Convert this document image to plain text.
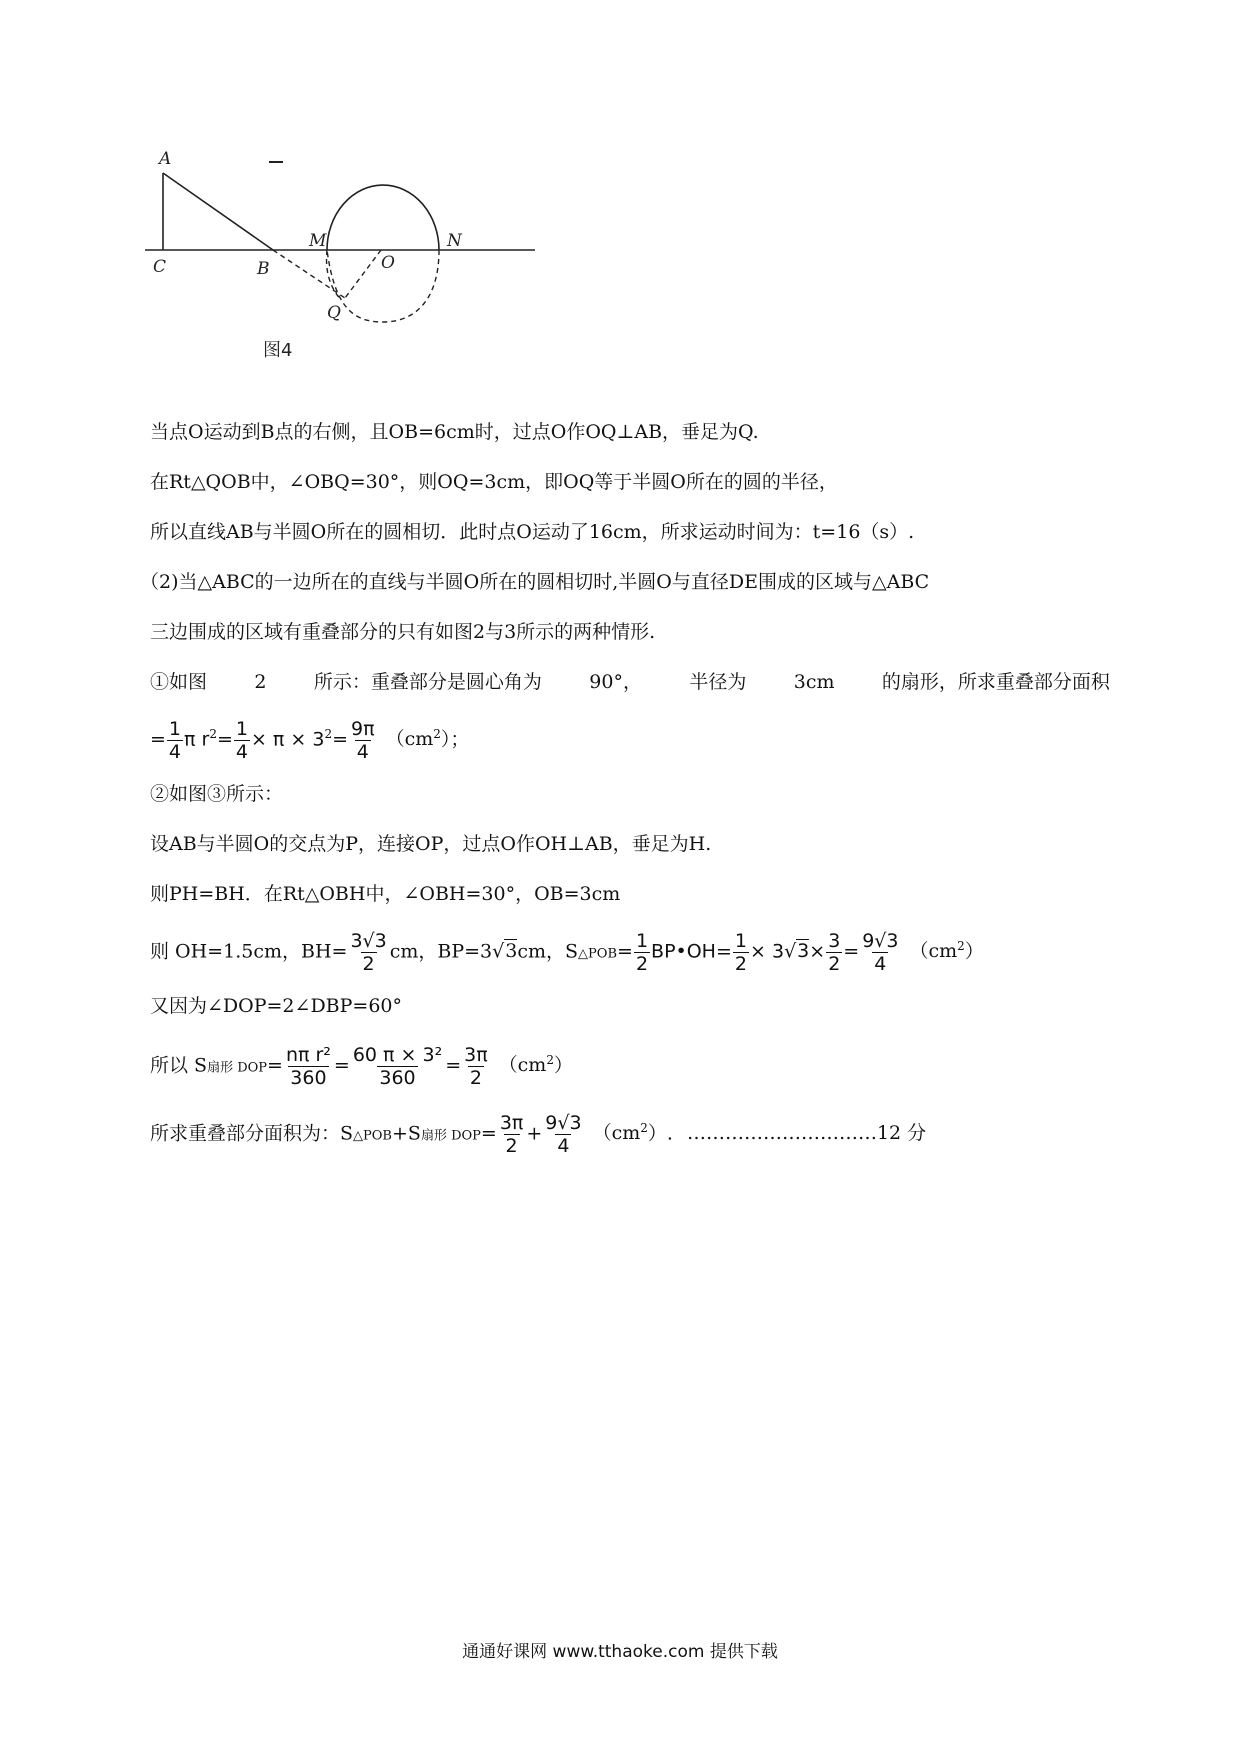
A
C	B
M
O
N
Q
图4
当点O运动到B点的右侧，且OB=6cm时，过点O作OQ⊥AB，垂足为Q.
在Rt△QOB中，∠OBQ=30°，则OQ=3cm，即OQ等于半圆O所在的圆的半径，
所以直线AB与半圆O所在的圆相切．此时点O运动了16cm，所求运动时间为：t=16（s）.
（2)当△ABC的一边所在的直线与半圆O所在的圆相切时,半圆O与直径DE围成的区域与△ABC
三边围成的区域有重叠部分的只有如图2与3所示的两种情形.
①如图 2 所示：重叠部分是圆心角为 90°， 半径为 3cm 的扇形，所求重叠部分面积
= $\frac{1}{4}$ π $r^2= \frac{1}{4} \times \pi \times 3^2= \frac{9\pi}{4} (cm^2)$；
②如图③所示：
设AB与半圆O的交点为P，连接OP，过点O作OH⊥AB，垂足为H.
则PH=BH．在Rt△OBH中，∠OBH=30°，OB=3cm
则 OH=1.5cm，$BH= \frac{3√3}{2}$ cm，BP=3√3cm，S△POB= $\frac{1}{2}$ BP•OH= $\frac{1}{2} \times 3√3\times \frac{3}{2} = \frac{9√3}{4} (cm^2)$
又因为∠DOP=2∠DBP=60°
所以 S扇形 $DOP= \frac{\text{nπ r²}}{360} = \frac{\text{60 π × 3²}}{360} = \frac{3\pi}{2} (cm^2)$
所求重叠部分面积为：S△POB+S扇形 $DOP= \frac{3\pi}{2} + \frac{9√3}{4} (cm^2)$. …………………………12 分
通通好课网 www.tthaoke.com 提供下载
